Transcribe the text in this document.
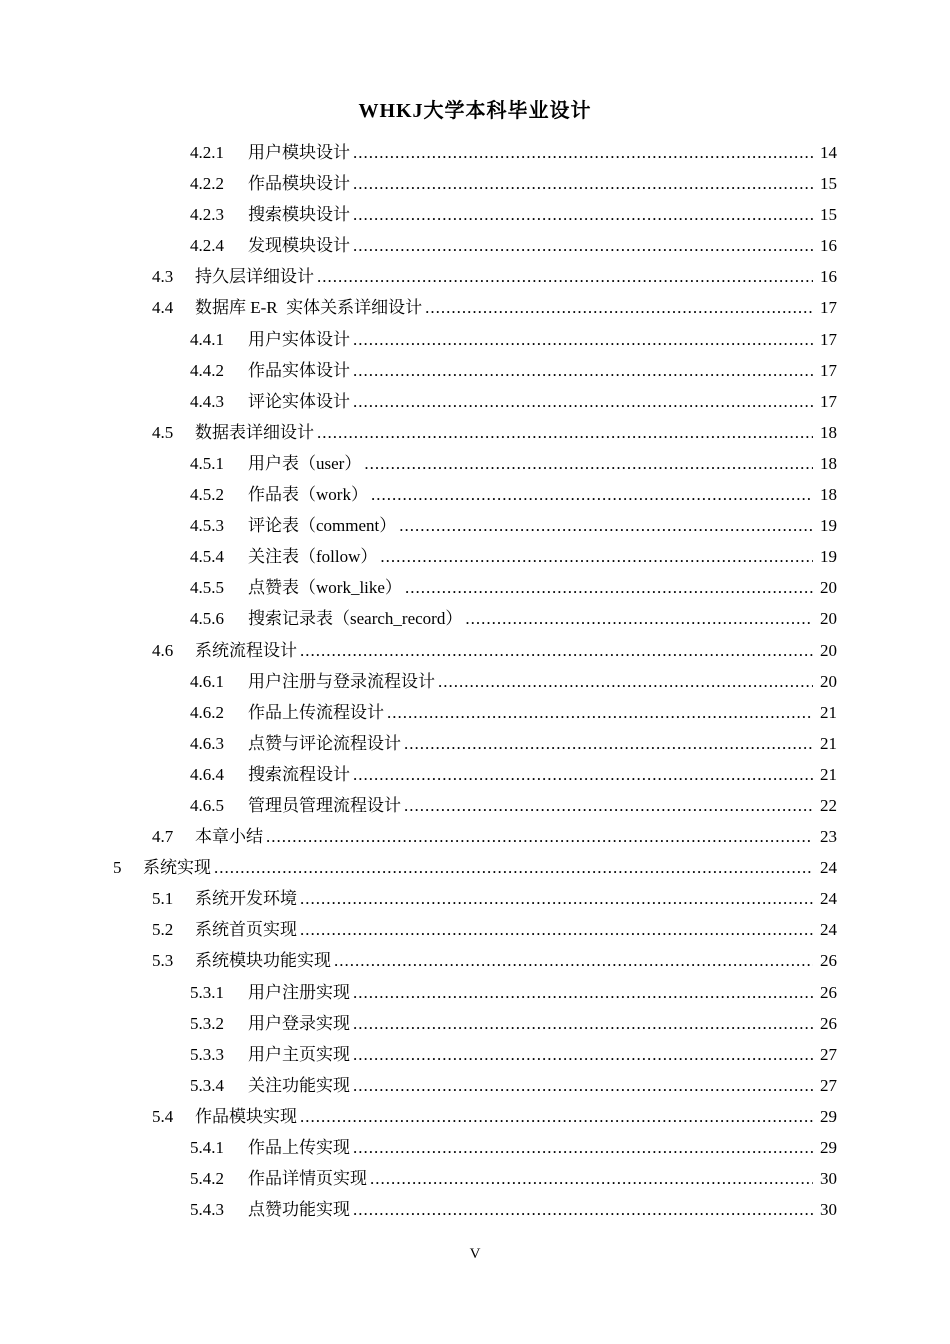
WHKJ大学本科毕业设计
4.2.1	用户模块设计 .....	14
4.2.2	作品模块设计 .....	15
4.2.3	搜索模块设计 .....	15
4.2.4	发现模块设计 .....	16
4.3	持久层详细设计 .....	16
4.4	数据库 E-R  实体关系详细设计 .....	17
4.4.1	用户实体设计 .....	17
4.4.2	作品实体设计 .....	17
4.4.3	评论实体设计 .....	17
4.5	数据表详细设计 .....	18
4.5.1	用户表（user） .....	18
4.5.2	作品表（work） .....	18
4.5.3	评论表（comment） .....	19
4.5.4	关注表（follow） .....	19
4.5.5	点赞表（work_like） .....	20
4.5.6	搜索记录表（search_record） .....	20
4.6	系统流程设计 .....	20
4.6.1	用户注册与登录流程设计 .....	20
4.6.2	作品上传流程设计 .....	21
4.6.3	点赞与评论流程设计 .....	21
4.6.4	搜索流程设计 .....	21
4.6.5	管理员管理流程设计 .....	22
4.7	本章小结 .....	23
5	系统实现 .....	24
5.1	系统开发环境 .....	24
5.2	系统首页实现 .....	24
5.3	系统模块功能实现 .....	26
5.3.1	用户注册实现 .....	26
5.3.2	用户登录实现 .....	26
5.3.3	用户主页实现 .....	27
5.3.4	关注功能实现 .....	27
5.4	作品模块实现 .....	29
5.4.1	作品上传实现 .....	29
5.4.2	作品详情页实现 .....	30
5.4.3	点赞功能实现 .....	30
V
